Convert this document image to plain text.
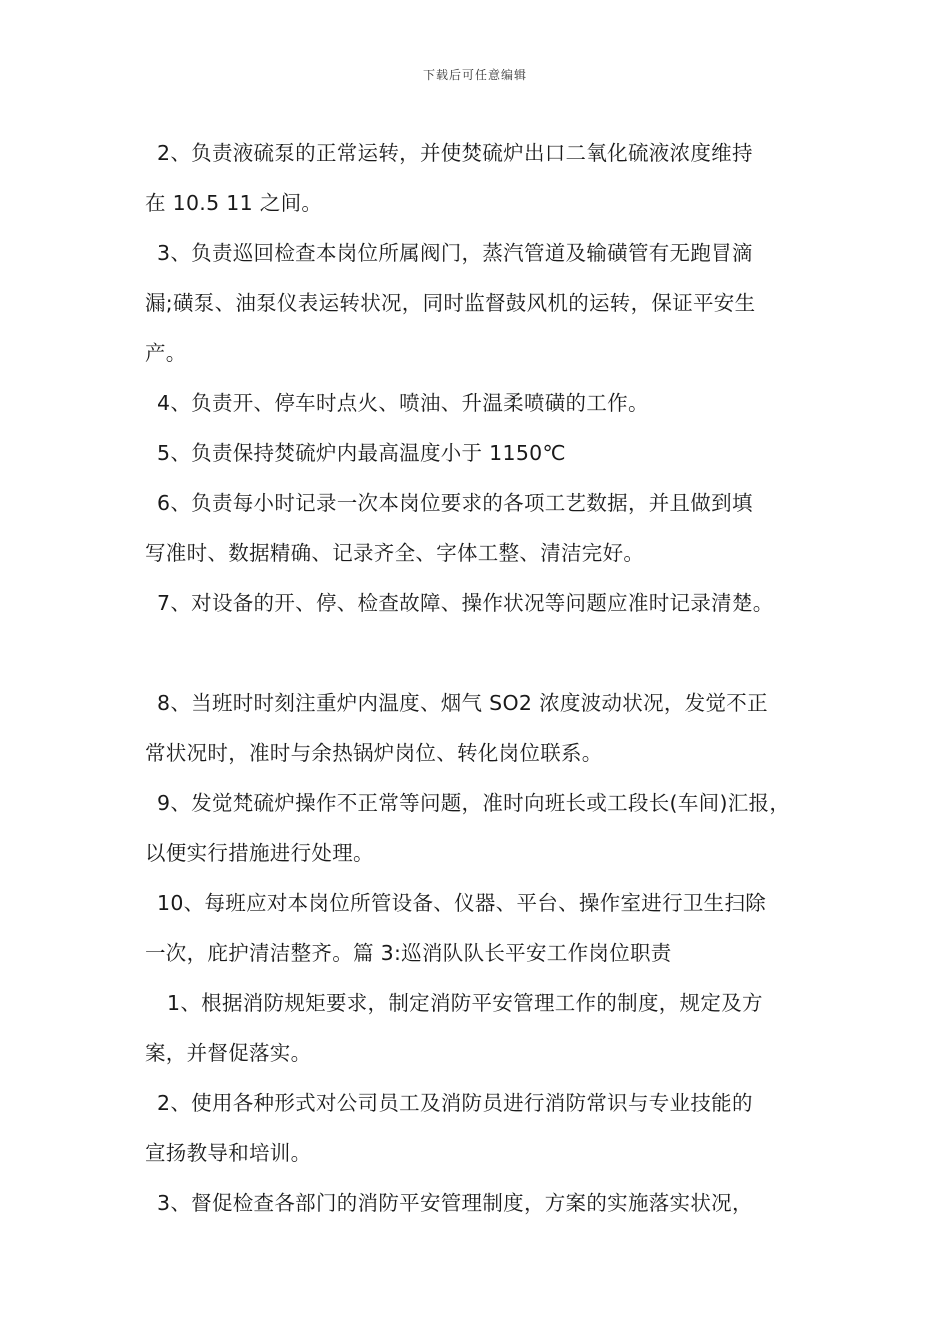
下载后可任意编辑
2、负责液硫泵的正常运转，并使焚硫炉出口二氧化硫液浓度维持
在 10.5 11 之间。
3、负责巡回检查本岗位所属阀门，蒸汽管道及输磺管有无跑冒滴
漏;磺泵、油泵仪表运转状况，同时监督鼓风机的运转，保证平安生
产。
4、负责开、停车时点火、喷油、升温柔喷磺的工作。
5、负责保持焚硫炉内最高温度小于 1150℃
6、负责每小时记录一次本岗位要求的各项工艺数据，并且做到填
写准时、数据精确、记录齐全、字体工整、清洁完好。
7、对设备的开、停、检查故障、操作状况等问题应准时记录清楚。
8、当班时时刻注重炉内温度、烟气 SO2 浓度波动状况，发觉不正
常状况时，准时与余热锅炉岗位、转化岗位联系。
9、发觉梵硫炉操作不正常等问题，准时向班长或工段长(车间)汇报，
以便实行措施进行处理。
10、每班应对本岗位所管设备、仪器、平台、操作室进行卫生扫除
一次，庇护清洁整齐。篇 3:巡消队队长平安工作岗位职责
1、根据消防规矩要求，制定消防平安管理工作的制度，规定及方
案，并督促落实。
2、使用各种形式对公司员工及消防员进行消防常识与专业技能的
宣扬教导和培训。
3、督促检查各部门的消防平安管理制度，方案的实施落实状况，
